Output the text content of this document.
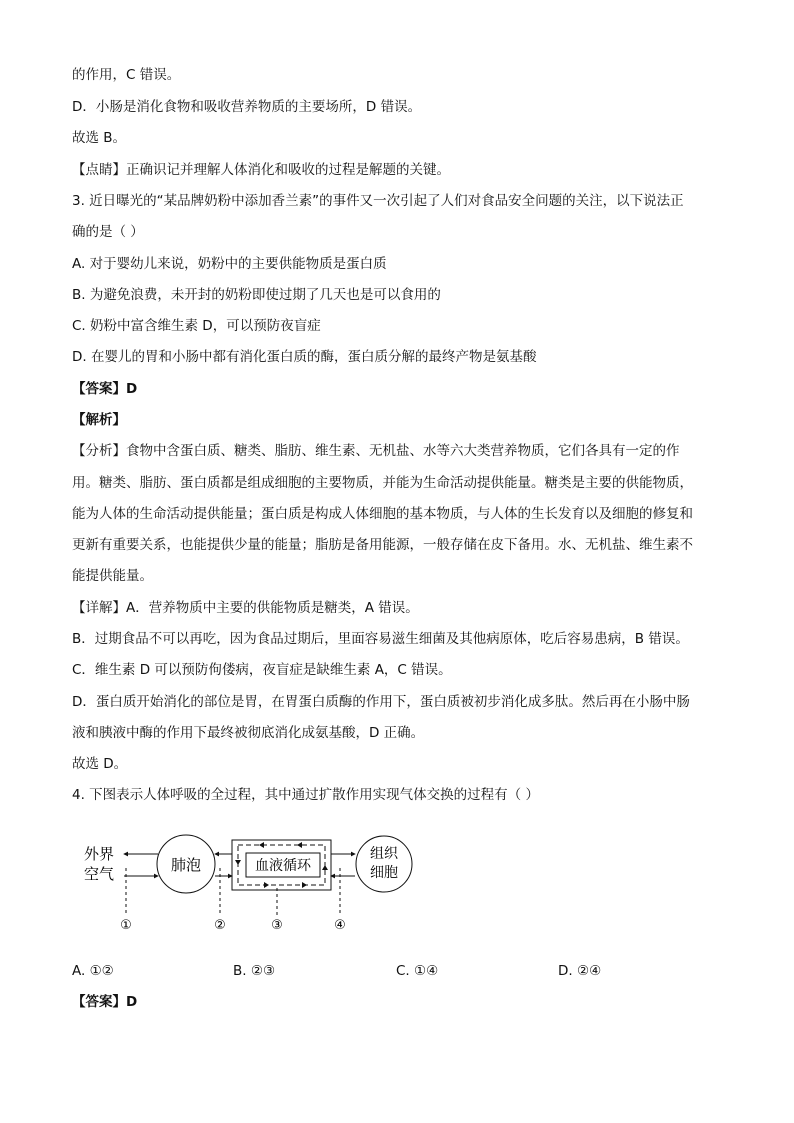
的作用，C 错误。
D．小肠是消化食物和吸收营养物质的主要场所，D 错误。
故选 B。
【点睛】正确识记并理解人体消化和吸收的过程是解题的关键。
3. 近日曝光的“某品牌奶粉中添加香兰素”的事件又一次引起了人们对食品安全问题的关注，以下说法正
确的是（ ）
A. 对于婴幼儿来说，奶粉中的主要供能物质是蛋白质
B. 为避免浪费，未开封的奶粉即使过期了几天也是可以食用的
C. 奶粉中富含维生素 D，可以预防夜盲症
D. 在婴儿的胃和小肠中都有消化蛋白质的酶，蛋白质分解的最终产物是氨基酸
【答案】D
【解析】
【分析】食物中含蛋白质、糖类、脂肪、维生素、无机盐、水等六大类营养物质，它们各具有一定的作
用。糖类、脂肪、蛋白质都是组成细胞的主要物质，并能为生命活动提供能量。糖类是主要的供能物质，
能为人体的生命活动提供能量；蛋白质是构成人体细胞的基本物质，与人体的生长发育以及细胞的修复和
更新有重要关系，也能提供少量的能量；脂肪是备用能源，一般存储在皮下备用。水、无机盐、维生素不
能提供能量。
【详解】A．营养物质中主要的供能物质是糖类，A 错误。
B．过期食品不可以再吃，因为食品过期后，里面容易滋生细菌及其他病原体，吃后容易患病，B 错误。
C．维生素 D 可以预防佝偻病，夜盲症是缺维生素 A，C 错误。
D．蛋白质开始消化的部位是胃，在胃蛋白质酶的作用下，蛋白质被初步消化成多肽。然后再在小肠中肠
液和胰液中酶的作用下最终被彻底消化成氨基酸，D 正确。
故选 D。
4. 下图表示人体呼吸的全过程，其中通过扩散作用实现气体交换的过程有（ ）
外界
空气	肺泡	血液循环
组织
细胞
①	②	③	④
A. ①②	B. ②③	C. ①④	D. ②④
【答案】D
